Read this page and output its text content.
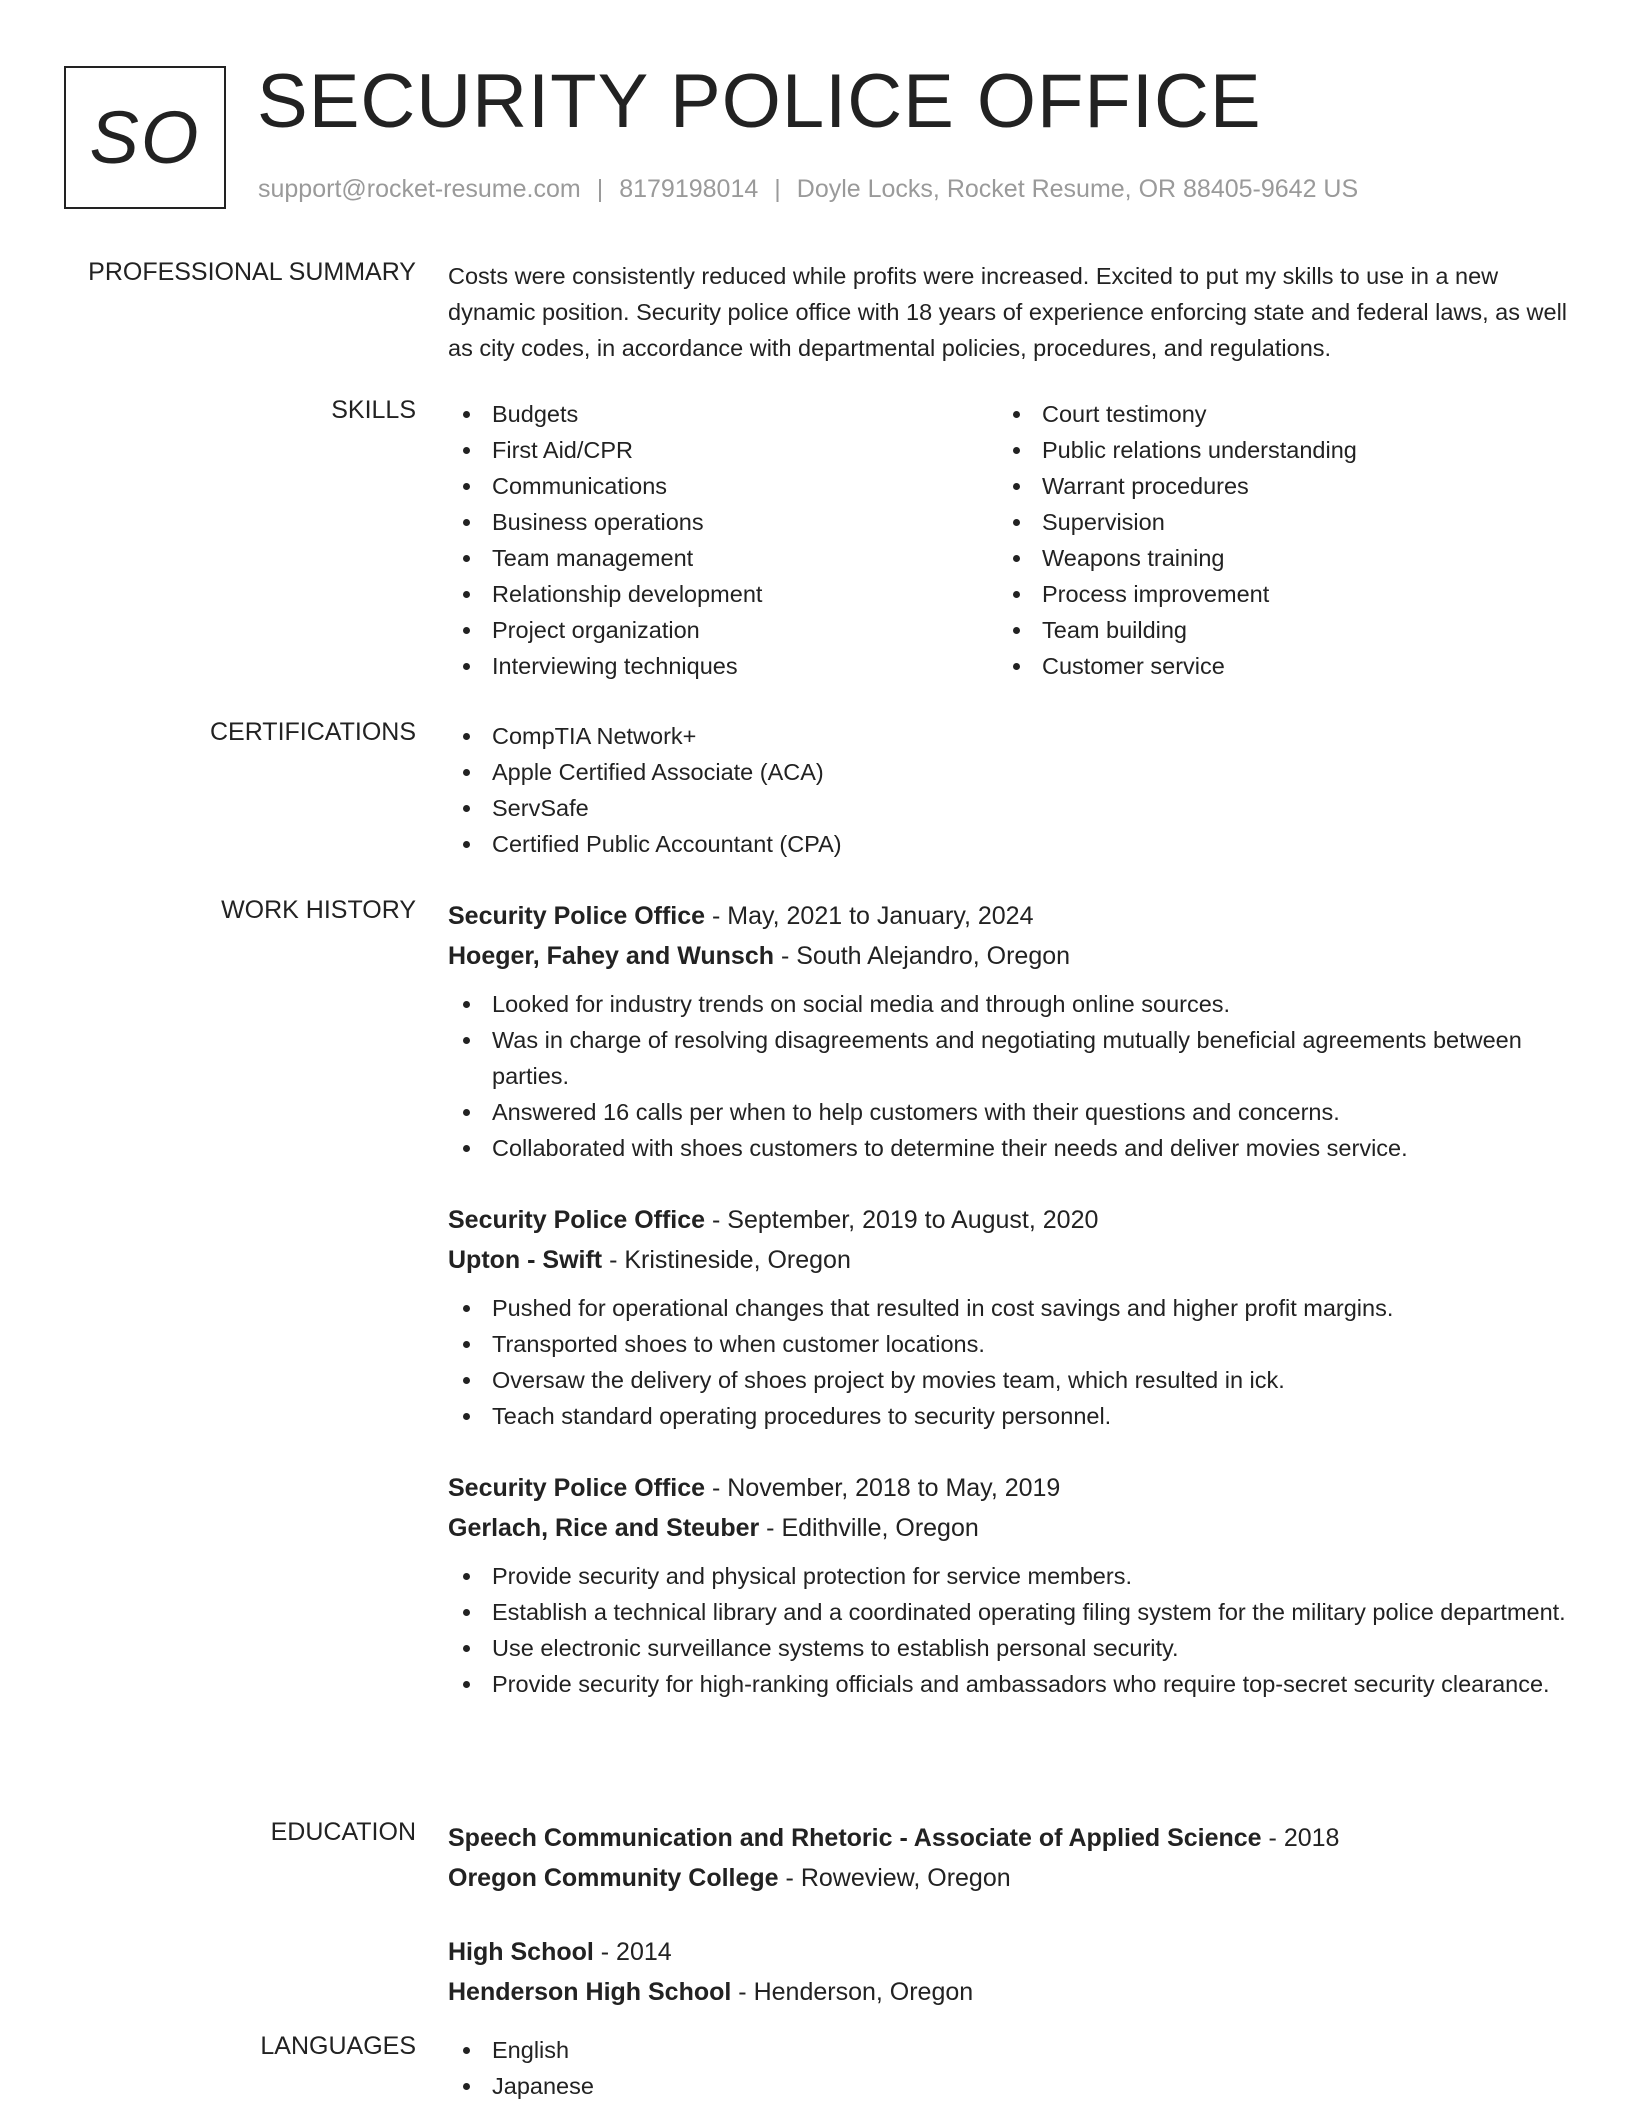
SO SECURITY POLICE OFFICE
support@rocket-resume.com | 8179198014 | Doyle Locks, Rocket Resume, OR 88405-9642 US
PROFESSIONAL SUMMARY Costs were consistently reduced while profits were increased. Excited to put my skills to use in a new dynamic position. Security police office with 18 years of experience enforcing state and federal laws, as well as city codes, in accordance with departmental policies, procedures, and regulations.
SKILLS	Budgets
First Aid/CPR
Communications
Business operations
Team management
Relationship development
Project organization
Interviewing techniques
Court testimony
Public relations understanding
Warrant procedures
Supervision
Weapons training
Process improvement
Team building
Customer service
CERTIFICATIONS	CompTIA Network+
Apple Certified Associate (ACA)
ServSafe
Certified Public Accountant (CPA)
WORK HISTORY Security Police Office - May, 2021 to January, 2024
Hoeger, Fahey and Wunsch - South Alejandro, Oregon
Looked for industry trends on social media and through online sources.
Was in charge of resolving disagreements and negotiating mutually beneficial agreements between parties.
Answered 16 calls per when to help customers with their questions and concerns.
Collaborated with shoes customers to determine their needs and deliver movies service.
Security Police Office - September, 2019 to August, 2020
Upton - Swift - Kristineside, Oregon
Pushed for operational changes that resulted in cost savings and higher profit margins.
Transported shoes to when customer locations.
Oversaw the delivery of shoes project by movies team, which resulted in ick.
Teach standard operating procedures to security personnel.
Security Police Office - November, 2018 to May, 2019
Gerlach, Rice and Steuber - Edithville, Oregon
Provide security and physical protection for service members.
Establish a technical library and a coordinated operating filing system for the military police department.
Use electronic surveillance systems to establish personal security.
Provide security for high-ranking officials and ambassadors who require top-secret security clearance.
EDUCATION Speech Communication and Rhetoric - Associate of Applied Science - 2018
Oregon Community College - Roweview, Oregon
High School - 2014
Henderson High School - Henderson, Oregon
LANGUAGES	English
Japanese
